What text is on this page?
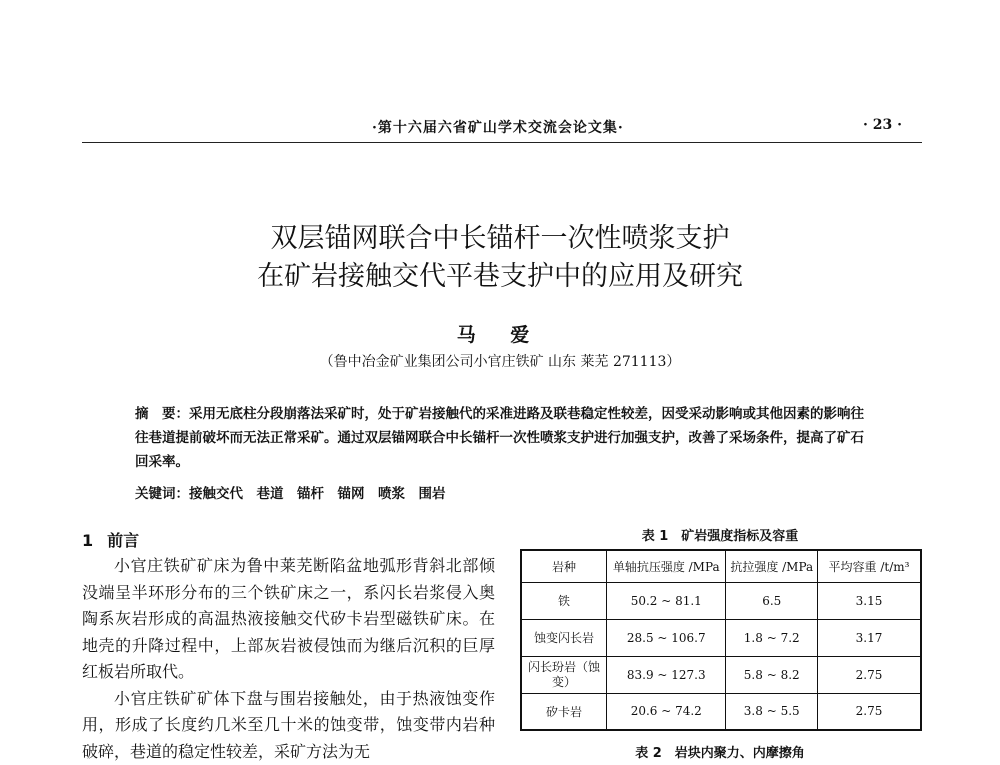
·第十六届六省矿山学术交流会论文集·	· 23 ·
双层锚网联合中长锚杆一次性喷浆支护
在矿岩接触交代平巷支护中的应用及研究
马 爱
（鲁中冶金矿业集团公司小官庄铁矿 山东 莱芜 271113）
摘　要：采用无底柱分段崩落法采矿时，处于矿岩接触代的采准进路及联巷稳定性较差，因受采动影响或其他因素的影响往往巷道提前破坏而无法正常采矿。通过双层锚网联合中长锚杆一次性喷浆支护进行加强支护，改善了采场条件，提高了矿石回采率。
关键词：接触交代　巷道　锚杆　锚网　喷浆　围岩
1 前言

小官庄铁矿矿床为鲁中莱芜断陷盆地弧形背斜北部倾没端呈半环形分布的三个铁矿床之一，系闪长岩浆侵入奥陶系灰岩形成的高温热液接触交代矽卡岩型磁铁矿床。在地壳的升降过程中，上部灰岩被侵蚀而为继后沉积的巨厚红板岩所取代。

小官庄铁矿矿体下盘与围岩接触处，由于热液蚀变作用，形成了长度约几米至几十米的蚀变带，蚀变带内岩种破碎，巷道的稳定性较差，采矿方法为无

表 1　矿岩强度指标及容重
岩种	单轴抗压强度 /MPa	抗拉强度 /MPa	平均容重 /t/m³
铁	50.2 ~ 81.1	6.5	3.15
蚀变闪长岩	28.5 ~ 106.7	1.8 ~ 7.2	3.17
闪长玢岩（蚀变）	83.9 ~ 127.3	5.8 ~ 8.2	2.75
矽卡岩	20.6 ~ 74.2	3.8 ~ 5.5	2.75
表 2　岩块内聚力、内摩擦角
